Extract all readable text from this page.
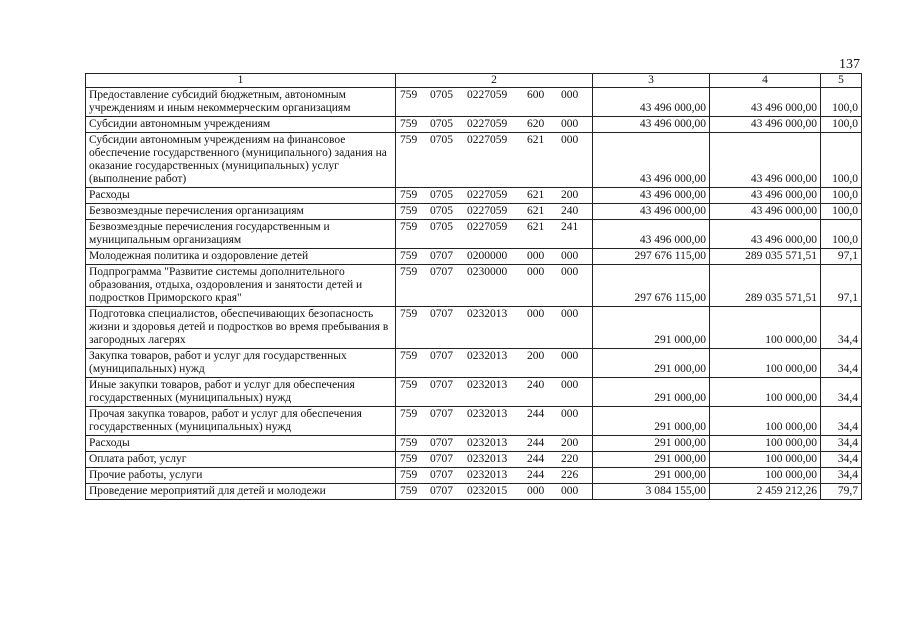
137
1	2	3	4	5
Предоставление субсидий бюджетным, автономным учреждениям и иным некоммерческим организациям	759 0705 0227059 600 000	43 496 000,00	43 496 000,00	100,0
Субсидии автономным учреждениям	759 0705 0227059 620 000	43 496 000,00	43 496 000,00	100,0
Субсидии автономным учреждениям на финансовое обеспечение государственного (муниципального) задания на оказание государственных (муниципальных) услуг (выполнение работ)	759 0705 0227059 621 000	43 496 000,00	43 496 000,00	100,0
Расходы	759 0705 0227059 621 200	43 496 000,00	43 496 000,00	100,0
Безвозмездные перечисления организациям	759 0705 0227059 621 240	43 496 000,00	43 496 000,00	100,0
Безвозмездные перечисления государственным и муниципальным организациям	759 0705 0227059 621 241	43 496 000,00	43 496 000,00	100,0
Молодежная политика и оздоровление детей	759 0707 0200000 000 000	297 676 115,00	289 035 571,51	97,1
Подпрограмма "Развитие системы дополнительного образования, отдыха, оздоровления и занятости детей и подростков Приморского края"	759 0707 0230000 000 000	297 676 115,00	289 035 571,51	97,1
Подготовка специалистов, обеспечивающих безопасность жизни и здоровья детей и подростков во время пребывания в загородных лагерях	759 0707 0232013 000 000	291 000,00	100 000,00	34,4
Закупка товаров, работ и услуг для государственных (муниципальных) нужд	759 0707 0232013 200 000	291 000,00	100 000,00	34,4
Иные закупки товаров, работ и услуг для обеспечения государственных (муниципальных) нужд	759 0707 0232013 240 000	291 000,00	100 000,00	34,4
Прочая закупка товаров, работ и услуг для обеспечения государственных (муниципальных) нужд	759 0707 0232013 244 000	291 000,00	100 000,00	34,4
Расходы	759 0707 0232013 244 200	291 000,00	100 000,00	34,4
Оплата работ, услуг	759 0707 0232013 244 220	291 000,00	100 000,00	34,4
Прочие работы, услуги	759 0707 0232013 244 226	291 000,00	100 000,00	34,4
Проведение мероприятий для детей и молодежи	759 0707 0232015 000 000	3 084 155,00	2 459 212,26	79,7
